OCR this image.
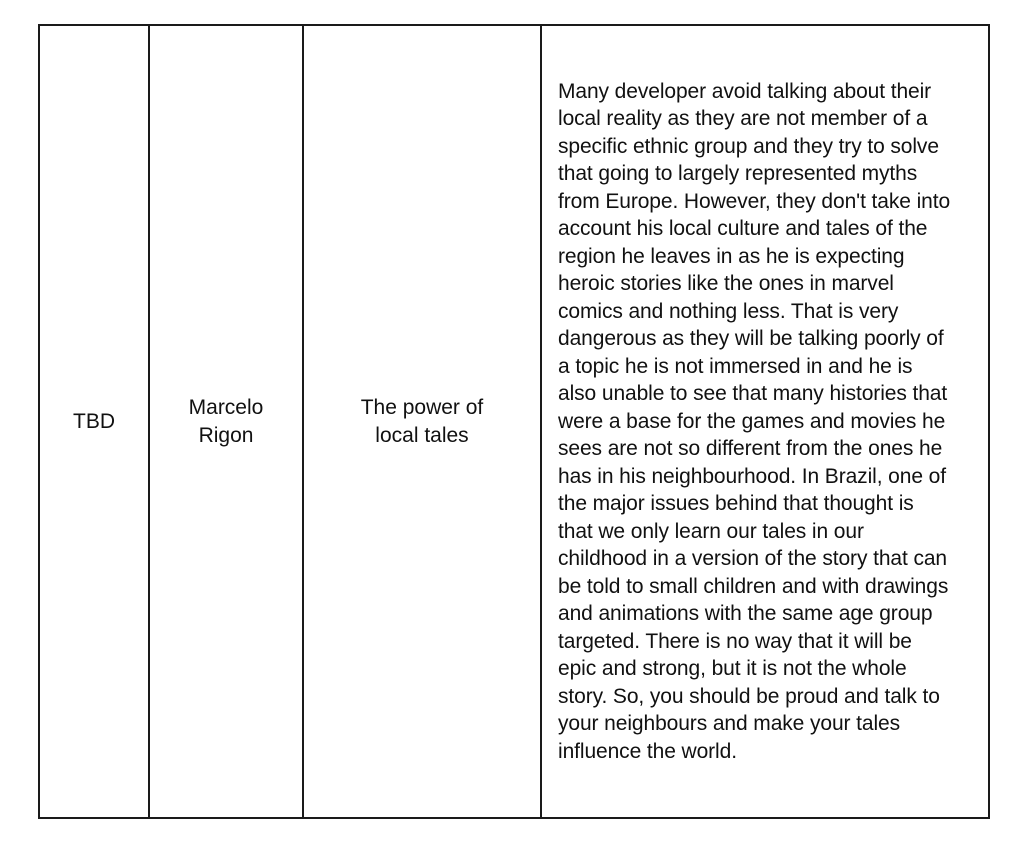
TBD

Marcelo
Rigon

The power of
local tales

Many developer avoid talking about their
local reality as they are not member of a
specific ethnic group and they try to solve
that going to largely represented myths
from Europe. However, they don't take into
account his local culture and tales of the
region he leaves in as he is expecting
heroic stories like the ones in marvel
comics and nothing less. That is very
dangerous as they will be talking poorly of
a topic he is not immersed in and he is
also unable to see that many histories that
were a base for the games and movies he
sees are not so different from the ones he
has in his neighbourhood. In Brazil, one of
the major issues behind that thought is
that we only learn our tales in our
childhood in a version of the story that can
be told to small children and with drawings
and animations with the same age group
targeted. There is no way that it will be
epic and strong, but it is not the whole
story. So, you should be proud and talk to
your neighbours and make your tales
influence the world.
